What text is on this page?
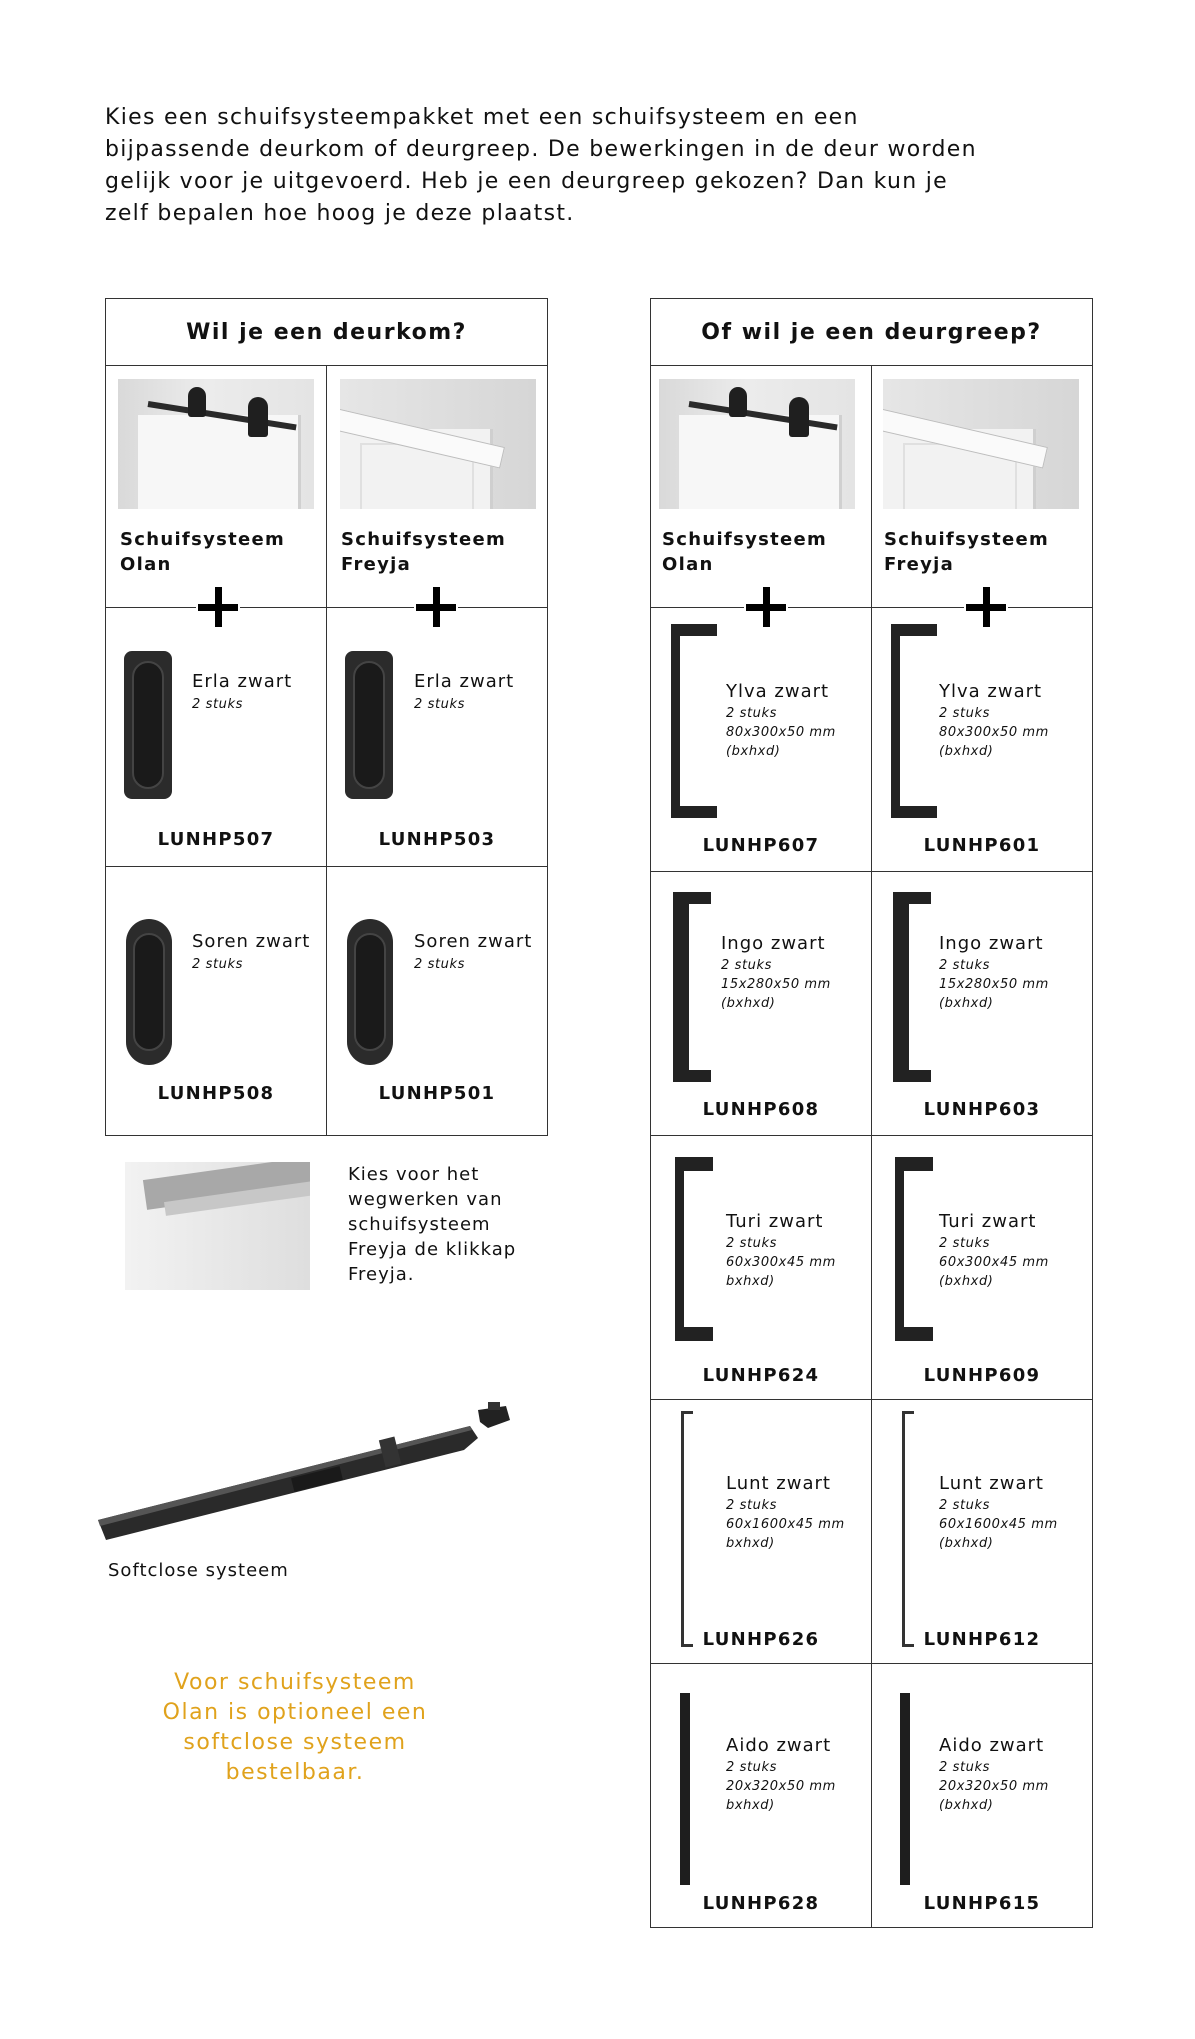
Kies een schuifsysteempakket met een schuifsysteem en een
bijpassende deurkom of deurgreep. De bewerkingen in de deur worden
gelijk voor je uitgevoerd. Heb je een deurgreep gekozen? Dan kun je
zelf bepalen hoe hoog je deze plaatst.

Wil je een deurkom?

Schuifsysteem
Olan

Schuifsysteem
Freyja

Erla zwart

2 stuks

LUNHP507
Erla zwart

2 stuks

LUNHP503
Soren zwart

2 stuks

LUNHP508
Soren zwart

2 stuks

LUNHP501

Kies voor het
wegwerken van
schuifsysteem
Freyja de klikkap
Freyja.

Softclose systeem

Voor schuifsysteem
Olan is optioneel een
softclose systeem
bestelbaar.

Of wil je een deurgreep?

Schuifsysteem
Olan

Schuifsysteem
Freyja

Ylva zwart

2 stuks
80x300x50 mm
(bxhxd)

LUNHP607
Ylva zwart

2 stuks
80x300x50 mm
(bxhxd)

LUNHP601
Ingo zwart

2 stuks
15x280x50 mm
(bxhxd)

LUNHP608
Ingo zwart

2 stuks
15x280x50 mm
(bxhxd)

LUNHP603
Turi zwart

2 stuks
60x300x45 mm
bxhxd)

LUNHP624
Turi zwart

2 stuks
60x300x45 mm
(bxhxd)

LUNHP609
Lunt zwart

2 stuks
60x1600x45 mm
bxhxd)

LUNHP626
Lunt zwart

2 stuks
60x1600x45 mm
(bxhxd)

LUNHP612
Aido zwart

2 stuks
20x320x50 mm
bxhxd)

LUNHP628
Aido zwart

2 stuks
20x320x50 mm
(bxhxd)

LUNHP615
